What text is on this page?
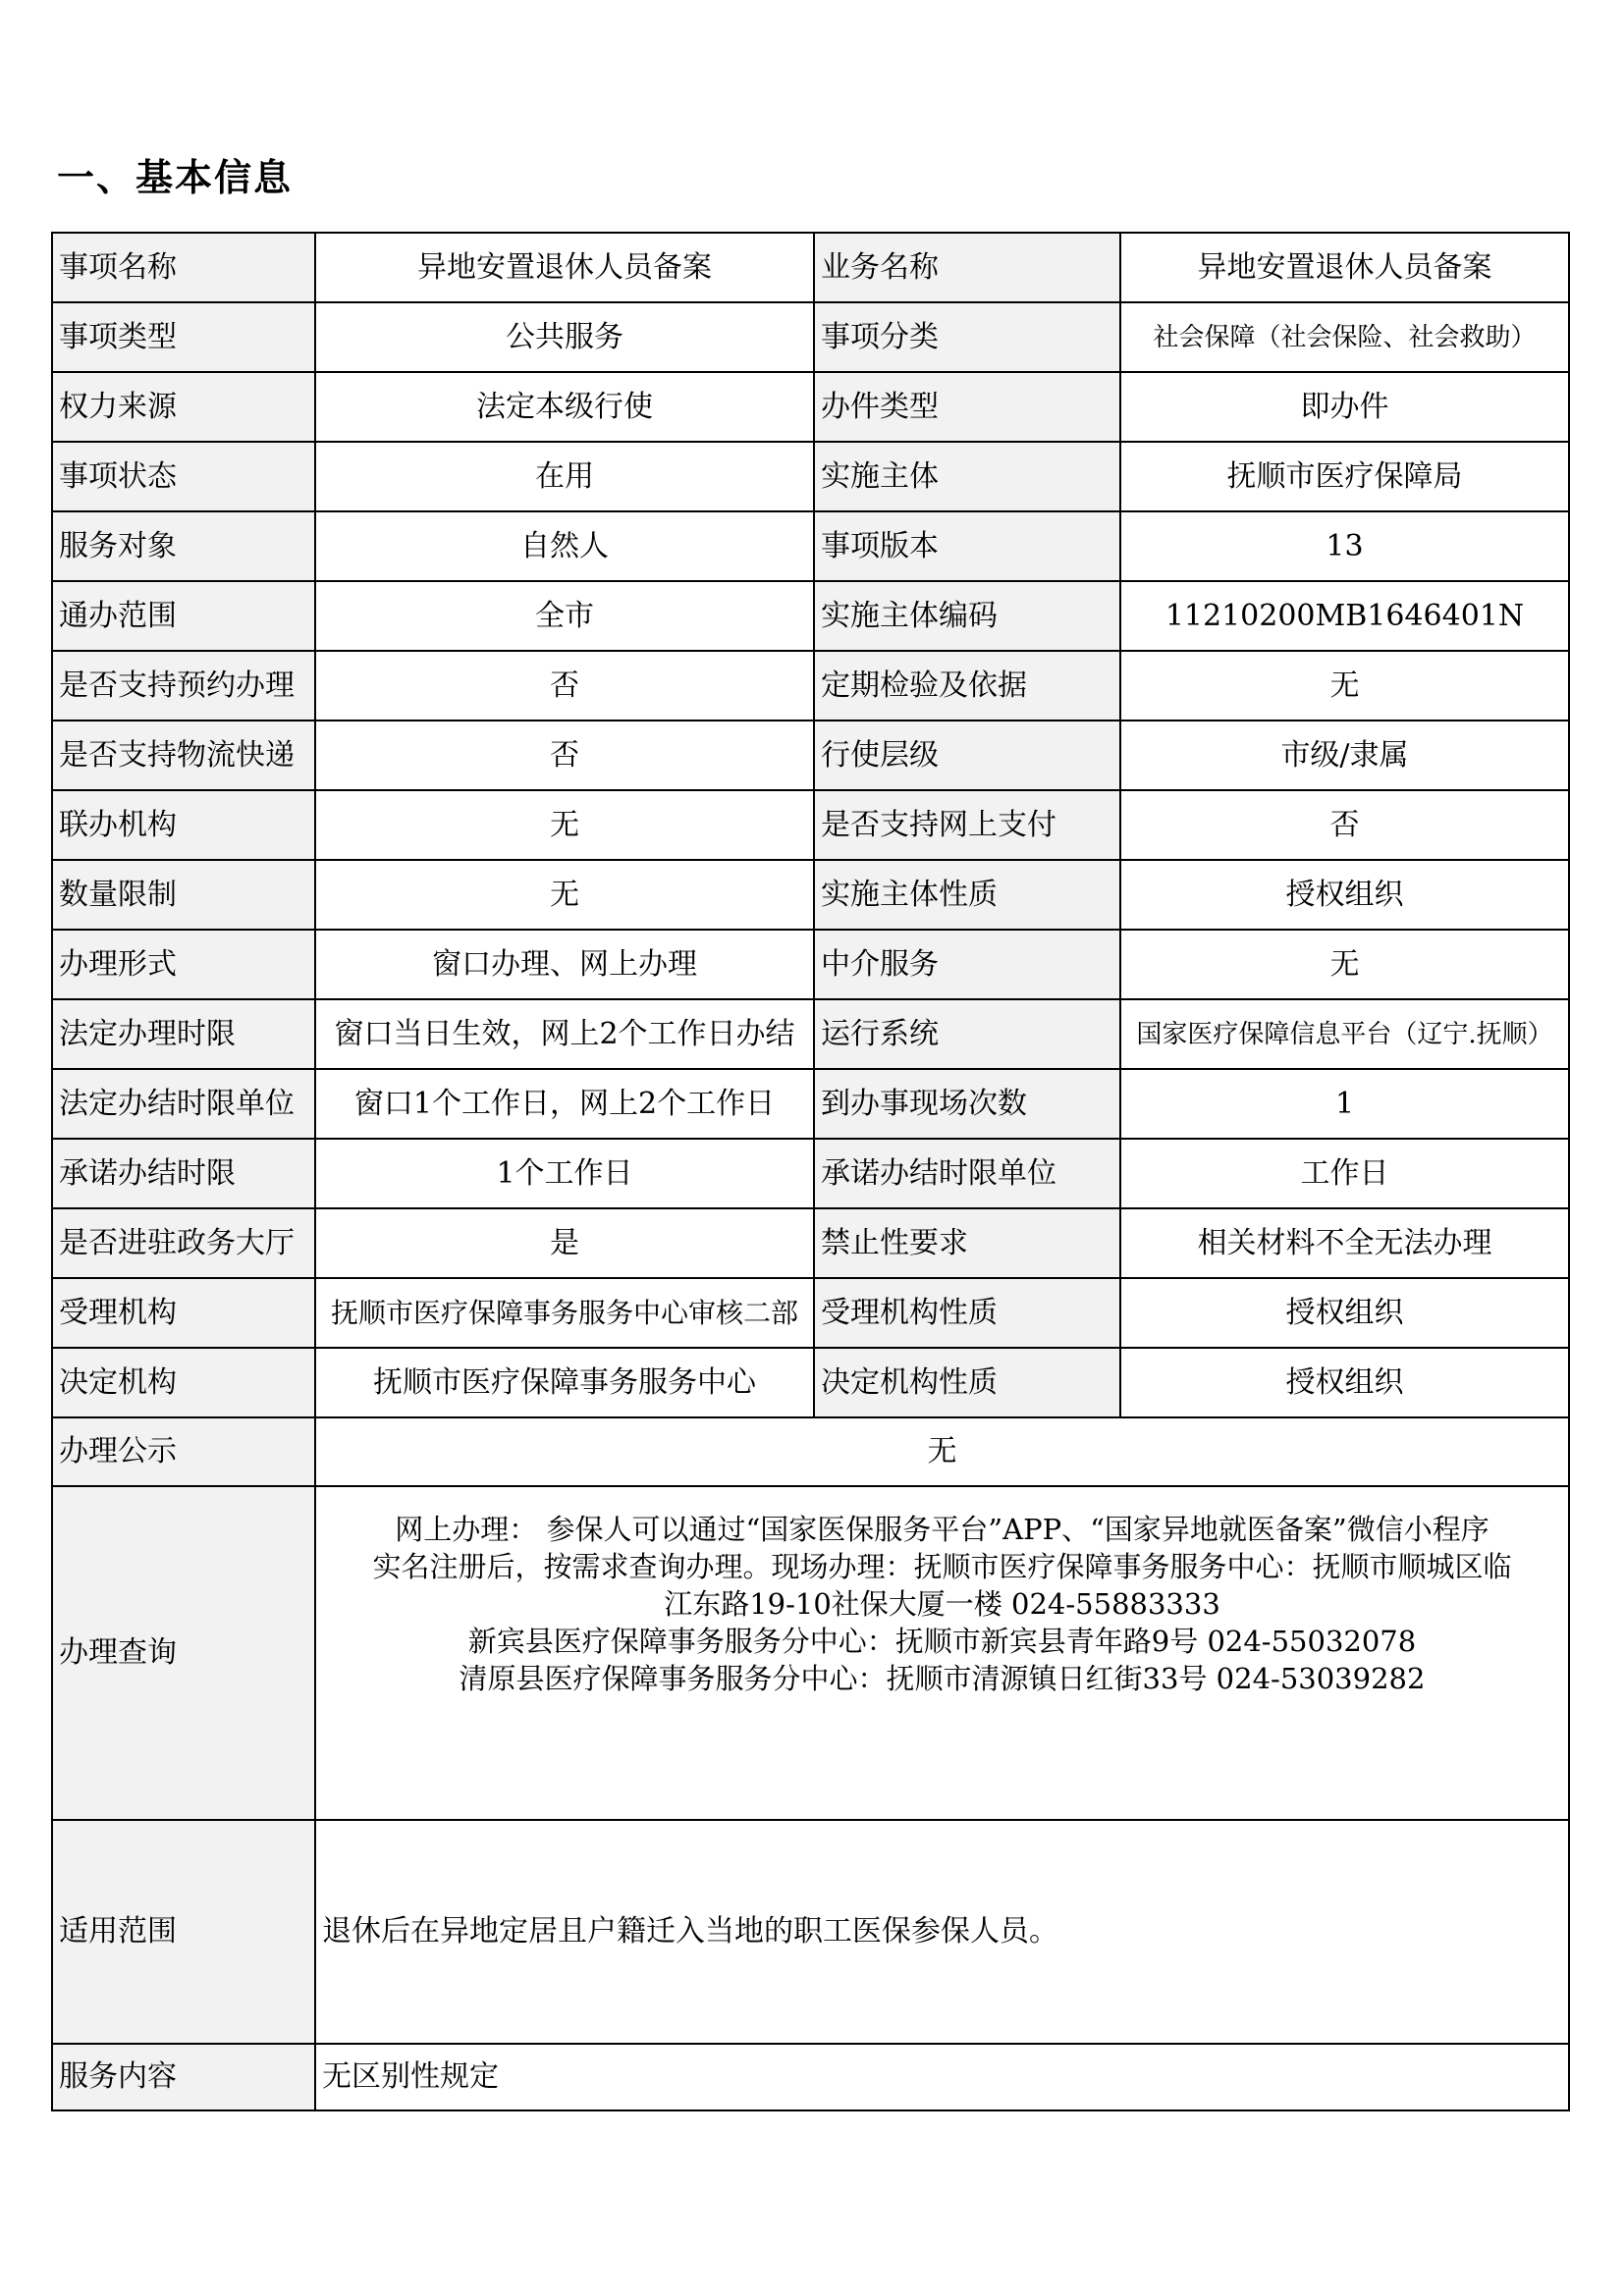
一、基本信息
事项名称	异地安置退休人员备案	业务名称	异地安置退休人员备案
事项类型	公共服务	事项分类	社会保障（社会保险、社会救助）
权力来源	法定本级行使	办件类型	即办件
事项状态	在用	实施主体	抚顺市医疗保障局
服务对象	自然人	事项版本	13
通办范围	全市	实施主体编码	11210200MB1646401N
是否支持预约办理	否	定期检验及依据	无
是否支持物流快递	否	行使层级	市级/隶属
联办机构	无	是否支持网上支付	否
数量限制	无	实施主体性质	授权组织
办理形式	窗口办理、网上办理	中介服务	无
法定办理时限	窗口当日生效，网上2个工作日办结	运行系统	国家医疗保障信息平台（辽宁.抚顺）
法定办结时限单位	窗口1个工作日，网上2个工作日	到办事现场次数	1
承诺办结时限	1个工作日	承诺办结时限单位	工作日
是否进驻政务大厅	是	禁止性要求	相关材料不全无法办理
受理机构	抚顺市医疗保障事务服务中心审核二部	受理机构性质	授权组织
决定机构	抚顺市医疗保障事务服务中心	决定机构性质	授权组织
办理公示	无		
办理查询	网上办理： 参保人可以通过“国家医保服务平台”APP、“国家异地就医备案”微信小程序
实名注册后，按需求查询办理。现场办理：抚顺市医疗保障事务服务中心：抚顺市顺城区临
江东路19-10社保大厦一楼 024-55883333
新宾县医疗保障事务服务分中心：抚顺市新宾县青年路9号 024-55032078
清原县医疗保障事务服务分中心：抚顺市清源镇日红街33号 024-53039282		

适用范围	退休后在异地定居且户籍迁入当地的职工医保参保人员。		
服务内容	无区别性规定		
